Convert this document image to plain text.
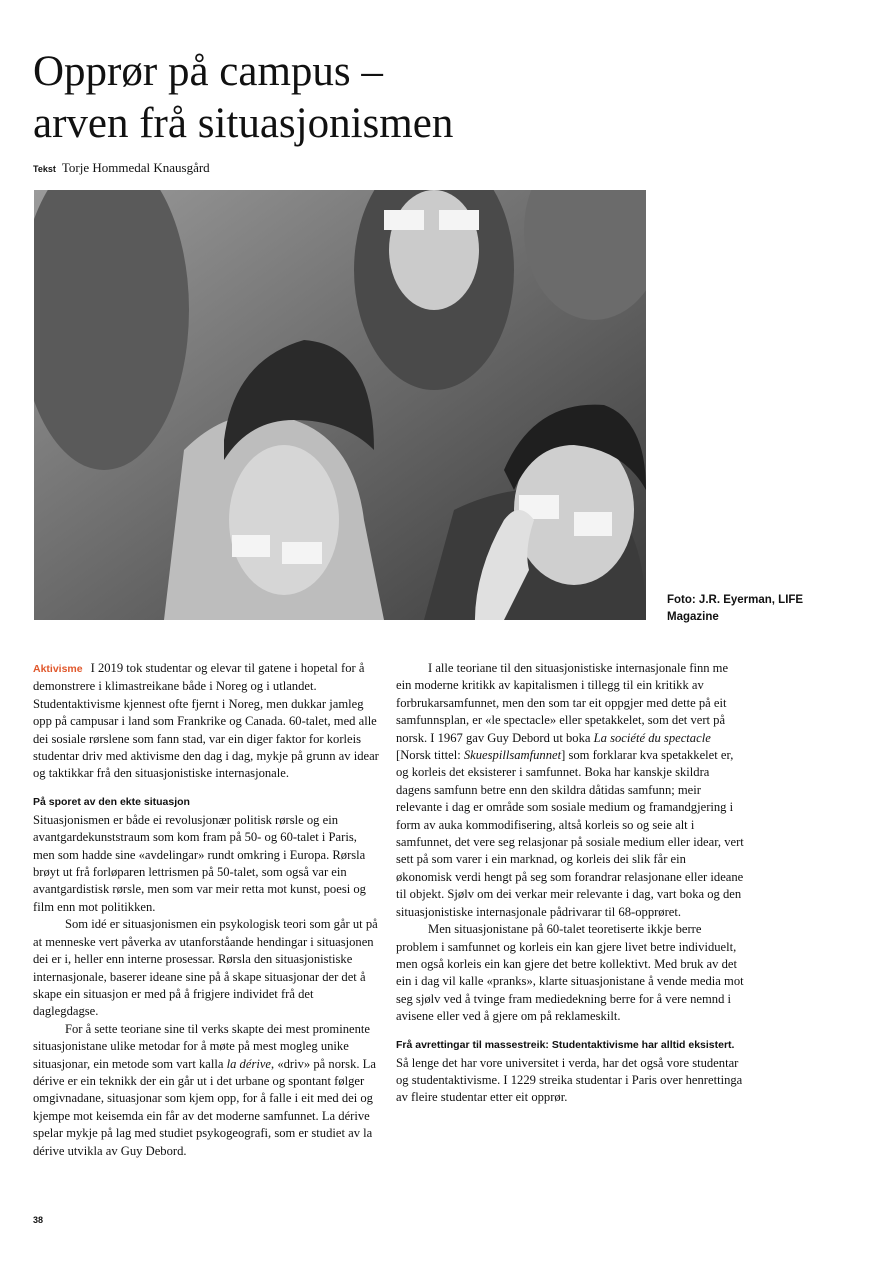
Opprør på campus –
arven frå situasjonismen
Tekst Torje Hommedal Knausgård
Foto: J.R. Eyerman, LIFE Magazine

Aktivisme I 2019 tok studentar og elevar til gatene i hopetal for å demonstrere i klimastreikane både i Noreg og i utlandet. Studentaktivisme kjennest ofte fjernt i Noreg, men dukkar jamleg opp på campusar i land som Frankrike og Canada. 60-talet, med alle dei sosiale rørslene som fann stad, var ein diger faktor for korleis studentar driv med aktivisme den dag i dag, mykje på grunn av idear og taktikkar frå den situasjonistiske internasjonale.

På sporet av den ekte situasjon

Situasjonismen er både ei revolusjonær politisk rørsle og ein avantgardekunststraum som kom fram på 50- og 60-talet i Paris, men som hadde sine «avdelingar» rundt omkring i Europa. Rørsla brøyt ut frå forløparen lettrismen på 50-talet, som også var ein avantgardistisk rørsle, men som var meir retta mot kunst, poesi og film enn mot politikken.

Som idé er situasjonismen ein psykologisk teori som går ut på at menneske vert påverka av utanforståande hendingar i situasjonen dei er i, heller enn interne prosessar. Rørsla den situasjonistiske internasjonale, baserer ideane sine på å skape situasjonar der det å skape ein situasjon er med på å frigjere individet frå det daglegdagse.

For å sette teoriane sine til verks skapte dei mest prominente situasjonistane ulike metodar for å møte på mest mogleg unike situasjonar, ein metode som vart kalla la dérive, «driv» på norsk. La dérive er ein teknikk der ein går ut i det urbane og spontant følger omgivnadane, situasjonar som kjem opp, for å falle i eit med dei og kjempe mot keisemda ein får av det moderne samfunnet. La dérive spelar mykje på lag med studiet psykogeografi, som er studiet av la dérive utvikla av Guy Debord.

I alle teoriane til den situasjonistiske internasjonale finn me ein moderne kritikk av kapitalismen i tillegg til ein kritikk av forbrukarsamfunnet, men den som tar eit oppgjer med dette på eit samfunnsplan, er «le spectacle» eller spetakkelet, som det vert på norsk. I 1967 gav Guy Debord ut boka La société du spectacle [Norsk tittel: Skuespillsamfunnet] som forklarar kva spetakkelet er, og korleis det eksisterer i samfunnet. Boka har kanskje skildra dagens samfunn betre enn den skildra dåtidas samfunn; meir relevante i dag er område som sosiale medium og framandgjering i form av auka kommodifisering, altså korleis so og seie alt i samfunnet, det vere seg relasjonar på sosiale medium eller idear, vert sett på som varer i ein marknad, og korleis dei slik får ein økonomisk verdi hengt på seg som forandrar relasjonane eller ideane til objekt. Sjølv om dei verkar meir relevante i dag, vart boka og den situasjonistiske internasjonale pådrivarar til 68-opprøret.

Men situasjonistane på 60-talet teoretiserte ikkje berre problem i samfunnet og korleis ein kan gjere livet betre individuelt, men også korleis ein kan gjere det betre kollektivt. Med bruk av det ein i dag vil kalle «pranks», klarte situasjonistane å vende media mot seg sjølv ved å tvinge fram mediedekning berre for å vere nemnd i avisene eller ved å gjere om på reklameskilt.

Frå avrettingar til massestreik: Studentaktivisme har alltid eksistert.

Så lenge det har vore universitet i verda, har det også vore studentar og studentaktivisme. I 1229 streika studentar i Paris over henrettinga av fleire studentar etter eit opprør.

38
